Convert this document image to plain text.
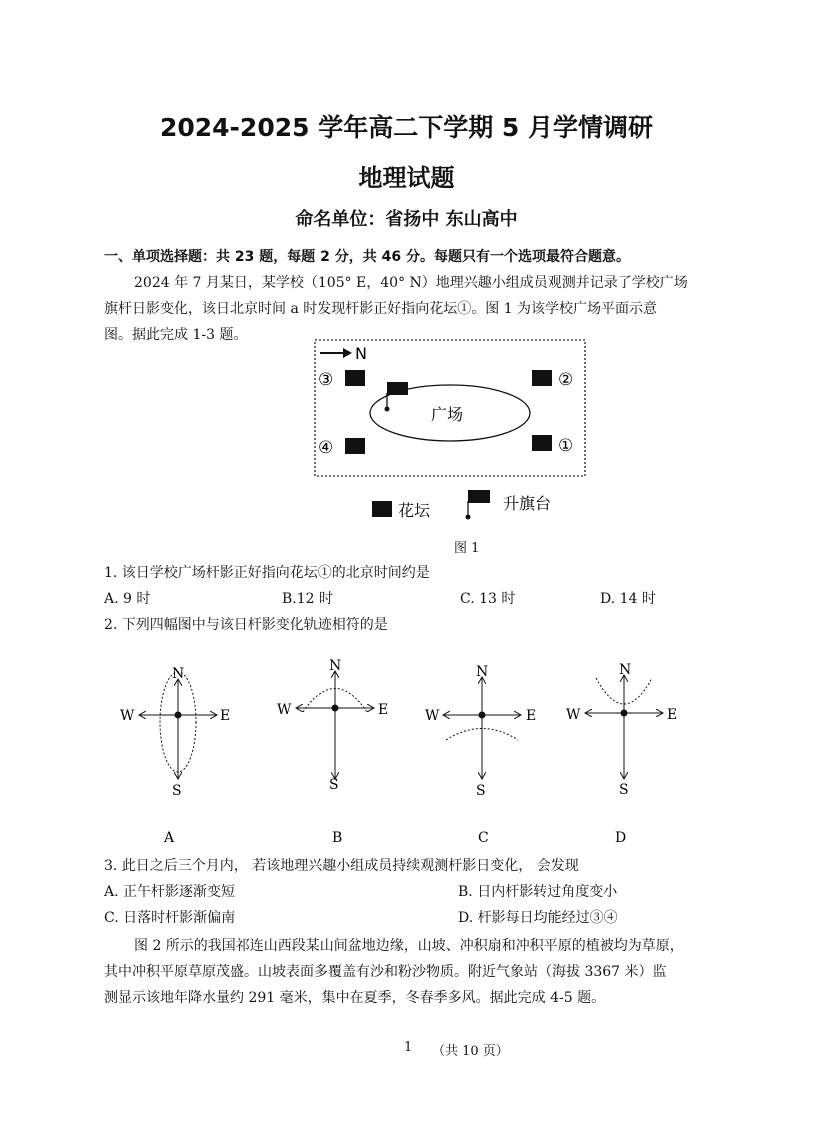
2024-2025 学年高二下学期 5 月学情调研
地理试题
命名单位：省扬中 东山高中
一、单项选择题：共 23 题，每题 2 分，共 46 分。每题只有一个选项最符合题意。
2024 年 7 月某日，某学校（105° E，40° N）地理兴趣小组成员观测并记录了学校广场
旗杆日影变化，该日北京时间 a 时发现杆影正好指向花坛①。图 1 为该学校广场平面示意
图。据此完成 1-3 题。
N
③	②
④	①
广场
花坛	升旗台
图 1
1. 该日学校广场杆影正好指向花坛①的北京时间约是
A. 9 时	B.12 时	C. 13 时	D. 14 时
2. 下列四幅图中与该日杆影变化轨迹相符的是
N
W	E
S
N
W	E
S
N
W	E
S
N
W	E
S
A	B	C	D
3. 此日之后三个月内， 若该地理兴趣小组成员持续观测杆影日变化， 会发现
A. 正午杆影逐渐变短	B. 日内杆影转过角度变小
C. 日落时杆影渐偏南	D. 杆影每日均能经过③④
图 2 所示的我国祁连山西段某山间盆地边缘，山坡、冲积扇和冲积平原的植被均为草原，
其中冲积平原草原茂盛。山坡表面多覆盖有沙和粉沙物质。附近气象站（海拔 3367 米）监
测显示该地年降水量约 291 毫米，集中在夏季，冬春季多风。据此完成 4-5 题。
1 （共 10 页）
